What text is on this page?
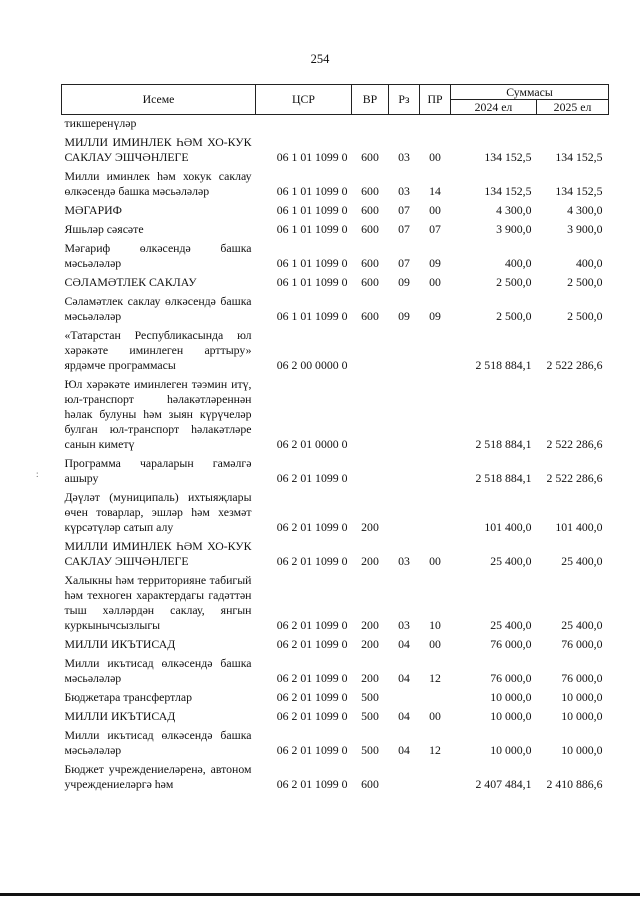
254
Исеме	ЦСР	ВР	Рз	ПР	Суммасы	
					2024 ел	2025 ел
тикшеренүләр						
МИЛЛИ ИМИНЛЕК ҺӘМ ХО-КУК САКЛАУ ЭШЧӘНЛЕГЕ	06 1 01 1099 0	600	03	00	134 152,5	134 152,5
Милли иминлек һәм хокук саклау өлкәсендә башка мәсьәләләр	06 1 01 1099 0	600	03	14	134 152,5	134 152,5
МӘГАРИФ	06 1 01 1099 0	600	07	00	4 300,0	4 300,0
Яшьләр сәясәте	06 1 01 1099 0	600	07	07	3 900,0	3 900,0
Мәгариф өлкәсендә башка мәсьәләләр	06 1 01 1099 0	600	07	09	400,0	400,0
СӘЛАМӘТЛЕК САКЛАУ	06 1 01 1099 0	600	09	00	2 500,0	2 500,0
Сәламәтлек саклау өлкәсендә башка мәсьәләләр	06 1 01 1099 0	600	09	09	2 500,0	2 500,0
«Татарстан Республикасында юл хәрәкәте иминлеген арттыру» ярдәмче программасы	06 2 00 0000 0				2 518 884,1	2 522 286,6
Юл хәрәкәте иминлеген тәэмин итү, юл-транспорт һәлакәтләреннән һәлак булуны һәм зыян күрүчеләр булган юл-транспорт һәлакәтләре санын киметү	06 2 01 0000 0				2 518 884,1	2 522 286,6
Программа чараларын гамәлгә ашыру	06 2 01 1099 0				2 518 884,1	2 522 286,6
Дәүләт (муниципаль) ихтыяҗлары өчен товарлар, эшләр һәм хезмәт күрсәтүләр сатып алу	06 2 01 1099 0	200			101 400,0	101 400,0
МИЛЛИ ИМИНЛЕК ҺӘМ ХО-КУК САКЛАУ ЭШЧӘНЛЕГЕ	06 2 01 1099 0	200	03	00	25 400,0	25 400,0
Халыкны һәм территорияне табигый һәм техноген характердагы гадәттән тыш хәлләрдән саклау, янгын куркынычсызлыгы	06 2 01 1099 0	200	03	10	25 400,0	25 400,0
МИЛЛИ ИКЪТИСАД	06 2 01 1099 0	200	04	00	76 000,0	76 000,0
Милли икътисад өлкәсендә башка мәсьәләләр	06 2 01 1099 0	200	04	12	76 000,0	76 000,0
Бюджетара трансфертлар	06 2 01 1099 0	500			10 000,0	10 000,0
МИЛЛИ ИКЪТИСАД	06 2 01 1099 0	500	04	00	10 000,0	10 000,0
Милли икътисад өлкәсендә башка мәсьәләләр	06 2 01 1099 0	500	04	12	10 000,0	10 000,0
Бюджет учреждениеләренә, автоном учреждениеләргә һәм	06 2 01 1099 0	600			2 407 484,1	2 410 886,6
:
